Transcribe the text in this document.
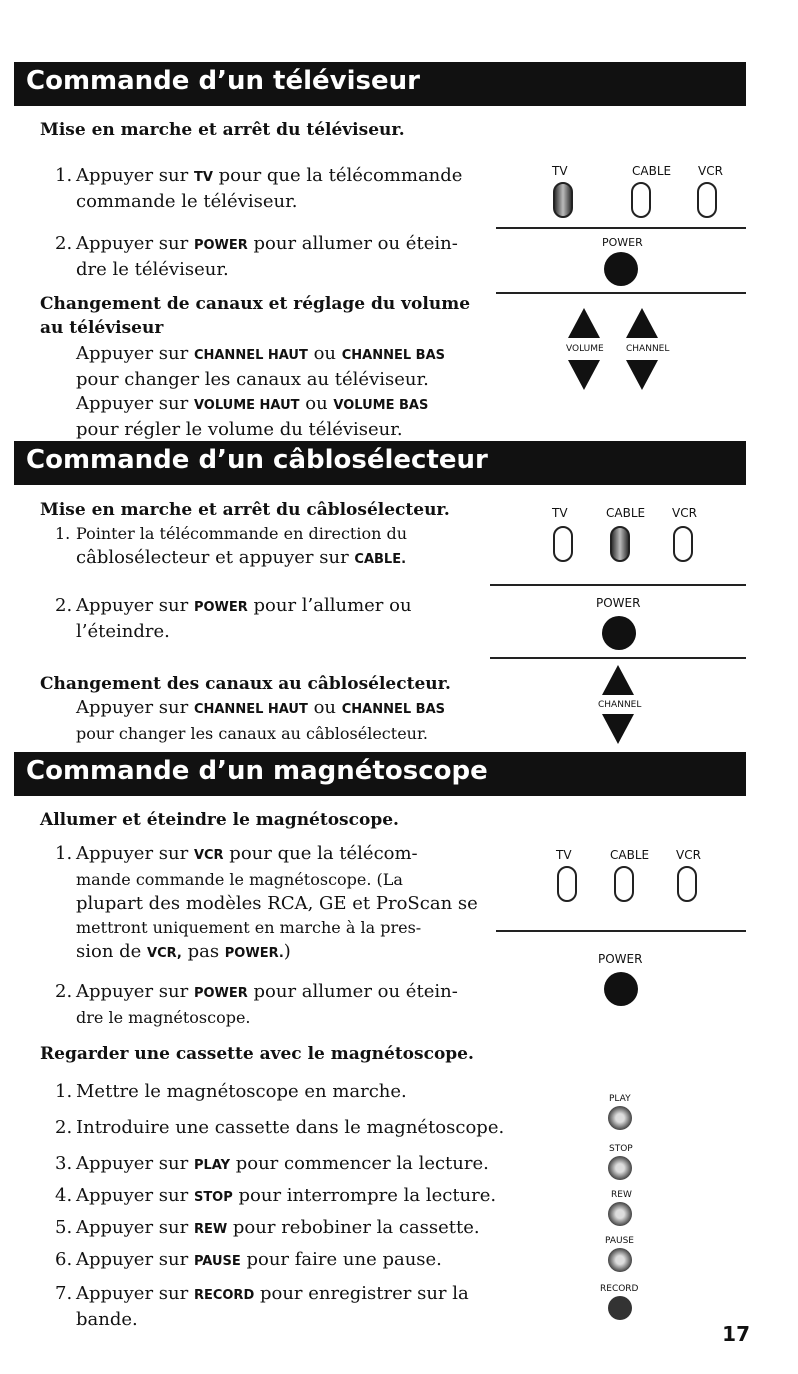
Commande d’un téléviseur
Mise en marche et arrêt du téléviseur.
1. Appuyer sur TV pour que la télécommande
commande le téléviseur.
2. Appuyer sur POWER pour allumer ou étein-
dre le téléviseur.
Changement de canaux et réglage du volume
au téléviseur
Appuyer sur CHANNEL HAUT ou CHANNEL BAS
pour changer les canaux au téléviseur.
Appuyer sur VOLUME HAUT ou VOLUME BAS
pour régler le volume du téléviseur.
TV	CABLE VCR
POWER
VOLUME CHANNEL
Commande d’un câblosélecteur
Mise en marche et arrêt du câblosélecteur.
1. Pointer la télécommande en direction du
câblosélecteur et appuyer sur CABLE.
2. Appuyer sur POWER pour l’allumer ou
l’éteindre.
Changement des canaux au câblosélecteur.
Appuyer sur CHANNEL HAUT ou CHANNEL BAS
pour changer les canaux au câblosélecteur.
TV	CABLE VCR
POWER
CHANNEL
Commande d’un magnétoscope
Allumer et éteindre le magnétoscope.
1. Appuyer sur VCR pour que la télécom-
mande commande le magnétoscope. (La
plupart des modèles RCA, GE et ProScan se
mettront uniquement en marche à la pres-
sion de VCR, pas POWER.)
2. Appuyer sur POWER pour allumer ou étein-
dre le magnétoscope.
Regarder une cassette avec le magnétoscope.
1. Mettre le magnétoscope en marche.
2. Introduire une cassette dans le magnétoscope.
3. Appuyer sur PLAY pour commencer la lecture.
4. Appuyer sur STOP pour interrompre la lecture.
5. Appuyer sur REW pour rebobiner la cassette.
6. Appuyer sur PAUSE pour faire une pause.
7. Appuyer sur RECORD pour enregistrer sur la
bande.
TV	CABLE VCR
POWER
PLAY
STOP
REW
PAUSE
RECORD
17
